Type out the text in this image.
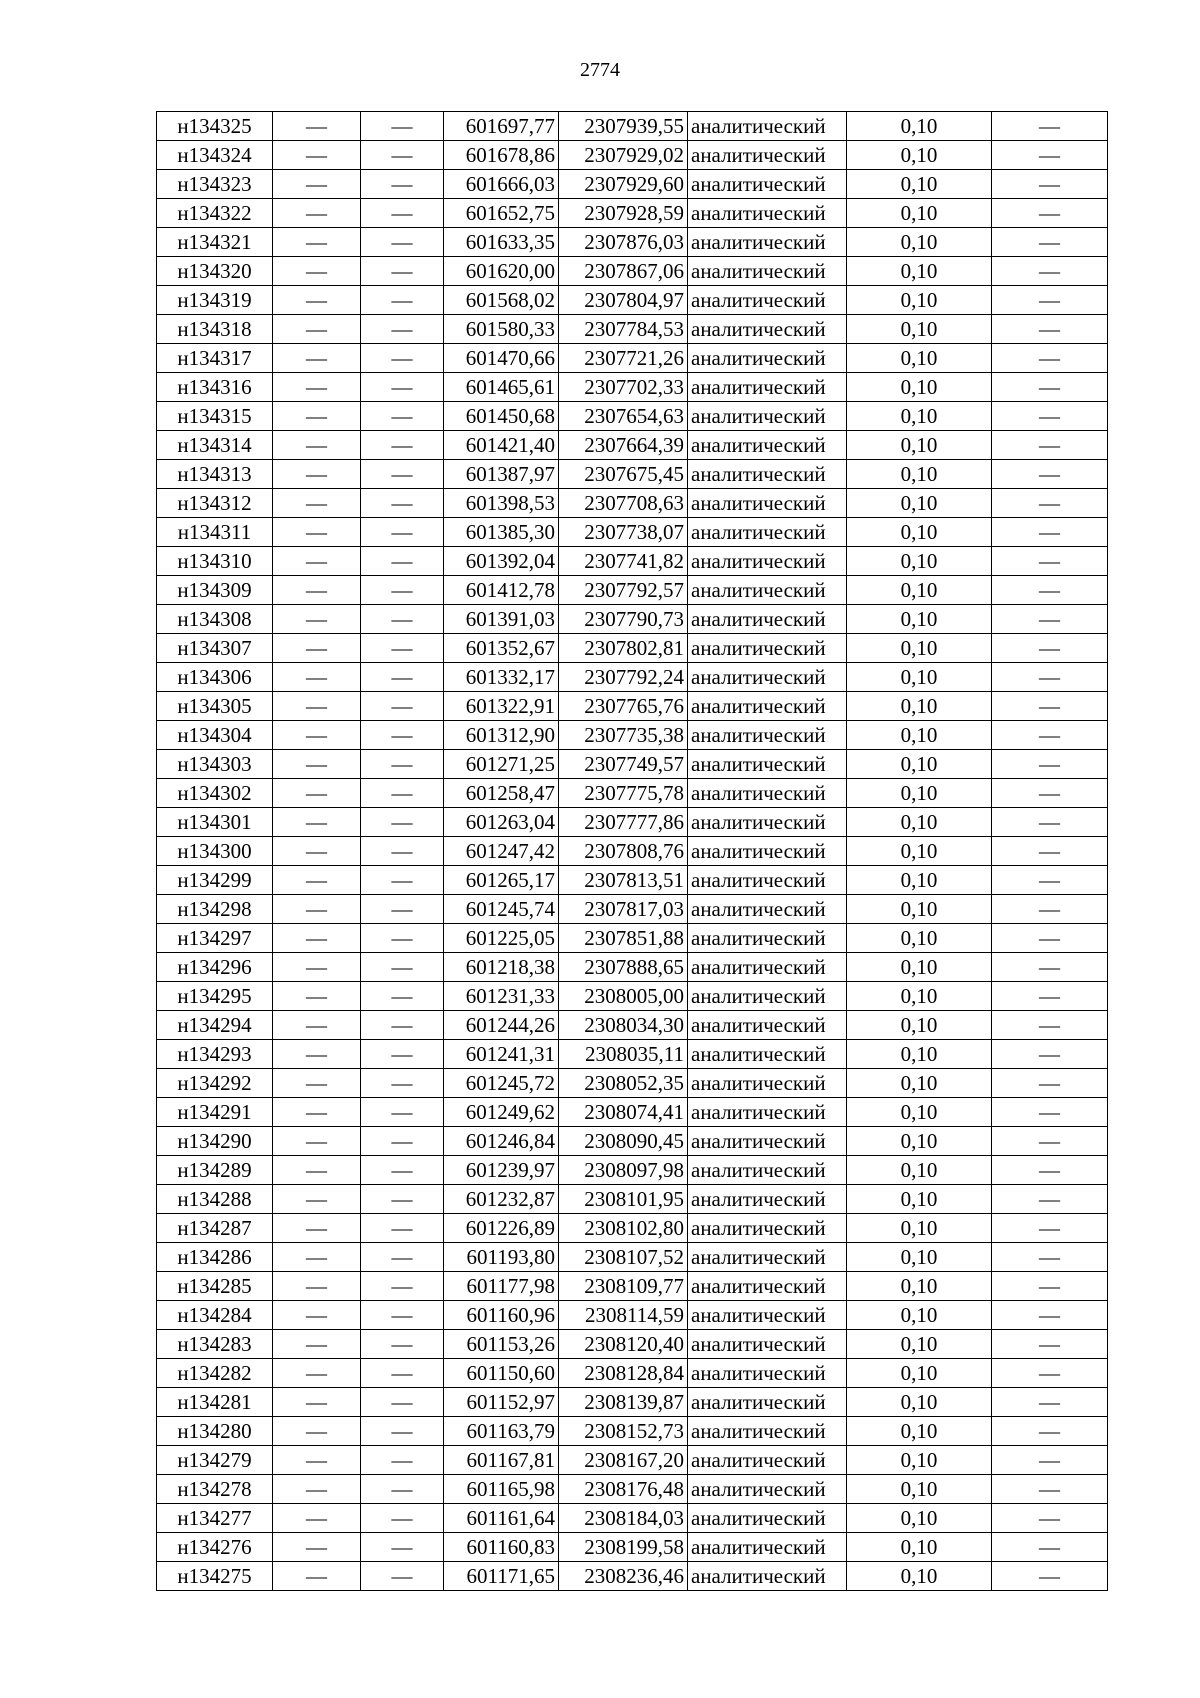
2774
н134325	—	—	601697,77	2307939,55	аналитический	0,10	—
н134324	—	—	601678,86	2307929,02	аналитический	0,10	—
н134323	—	—	601666,03	2307929,60	аналитический	0,10	—
н134322	—	—	601652,75	2307928,59	аналитический	0,10	—
н134321	—	—	601633,35	2307876,03	аналитический	0,10	—
н134320	—	—	601620,00	2307867,06	аналитический	0,10	—
н134319	—	—	601568,02	2307804,97	аналитический	0,10	—
н134318	—	—	601580,33	2307784,53	аналитический	0,10	—
н134317	—	—	601470,66	2307721,26	аналитический	0,10	—
н134316	—	—	601465,61	2307702,33	аналитический	0,10	—
н134315	—	—	601450,68	2307654,63	аналитический	0,10	—
н134314	—	—	601421,40	2307664,39	аналитический	0,10	—
н134313	—	—	601387,97	2307675,45	аналитический	0,10	—
н134312	—	—	601398,53	2307708,63	аналитический	0,10	—
н134311	—	—	601385,30	2307738,07	аналитический	0,10	—
н134310	—	—	601392,04	2307741,82	аналитический	0,10	—
н134309	—	—	601412,78	2307792,57	аналитический	0,10	—
н134308	—	—	601391,03	2307790,73	аналитический	0,10	—
н134307	—	—	601352,67	2307802,81	аналитический	0,10	—
н134306	—	—	601332,17	2307792,24	аналитический	0,10	—
н134305	—	—	601322,91	2307765,76	аналитический	0,10	—
н134304	—	—	601312,90	2307735,38	аналитический	0,10	—
н134303	—	—	601271,25	2307749,57	аналитический	0,10	—
н134302	—	—	601258,47	2307775,78	аналитический	0,10	—
н134301	—	—	601263,04	2307777,86	аналитический	0,10	—
н134300	—	—	601247,42	2307808,76	аналитический	0,10	—
н134299	—	—	601265,17	2307813,51	аналитический	0,10	—
н134298	—	—	601245,74	2307817,03	аналитический	0,10	—
н134297	—	—	601225,05	2307851,88	аналитический	0,10	—
н134296	—	—	601218,38	2307888,65	аналитический	0,10	—
н134295	—	—	601231,33	2308005,00	аналитический	0,10	—
н134294	—	—	601244,26	2308034,30	аналитический	0,10	—
н134293	—	—	601241,31	2308035,11	аналитический	0,10	—
н134292	—	—	601245,72	2308052,35	аналитический	0,10	—
н134291	—	—	601249,62	2308074,41	аналитический	0,10	—
н134290	—	—	601246,84	2308090,45	аналитический	0,10	—
н134289	—	—	601239,97	2308097,98	аналитический	0,10	—
н134288	—	—	601232,87	2308101,95	аналитический	0,10	—
н134287	—	—	601226,89	2308102,80	аналитический	0,10	—
н134286	—	—	601193,80	2308107,52	аналитический	0,10	—
н134285	—	—	601177,98	2308109,77	аналитический	0,10	—
н134284	—	—	601160,96	2308114,59	аналитический	0,10	—
н134283	—	—	601153,26	2308120,40	аналитический	0,10	—
н134282	—	—	601150,60	2308128,84	аналитический	0,10	—
н134281	—	—	601152,97	2308139,87	аналитический	0,10	—
н134280	—	—	601163,79	2308152,73	аналитический	0,10	—
н134279	—	—	601167,81	2308167,20	аналитический	0,10	—
н134278	—	—	601165,98	2308176,48	аналитический	0,10	—
н134277	—	—	601161,64	2308184,03	аналитический	0,10	—
н134276	—	—	601160,83	2308199,58	аналитический	0,10	—
н134275	—	—	601171,65	2308236,46	аналитический	0,10	—
